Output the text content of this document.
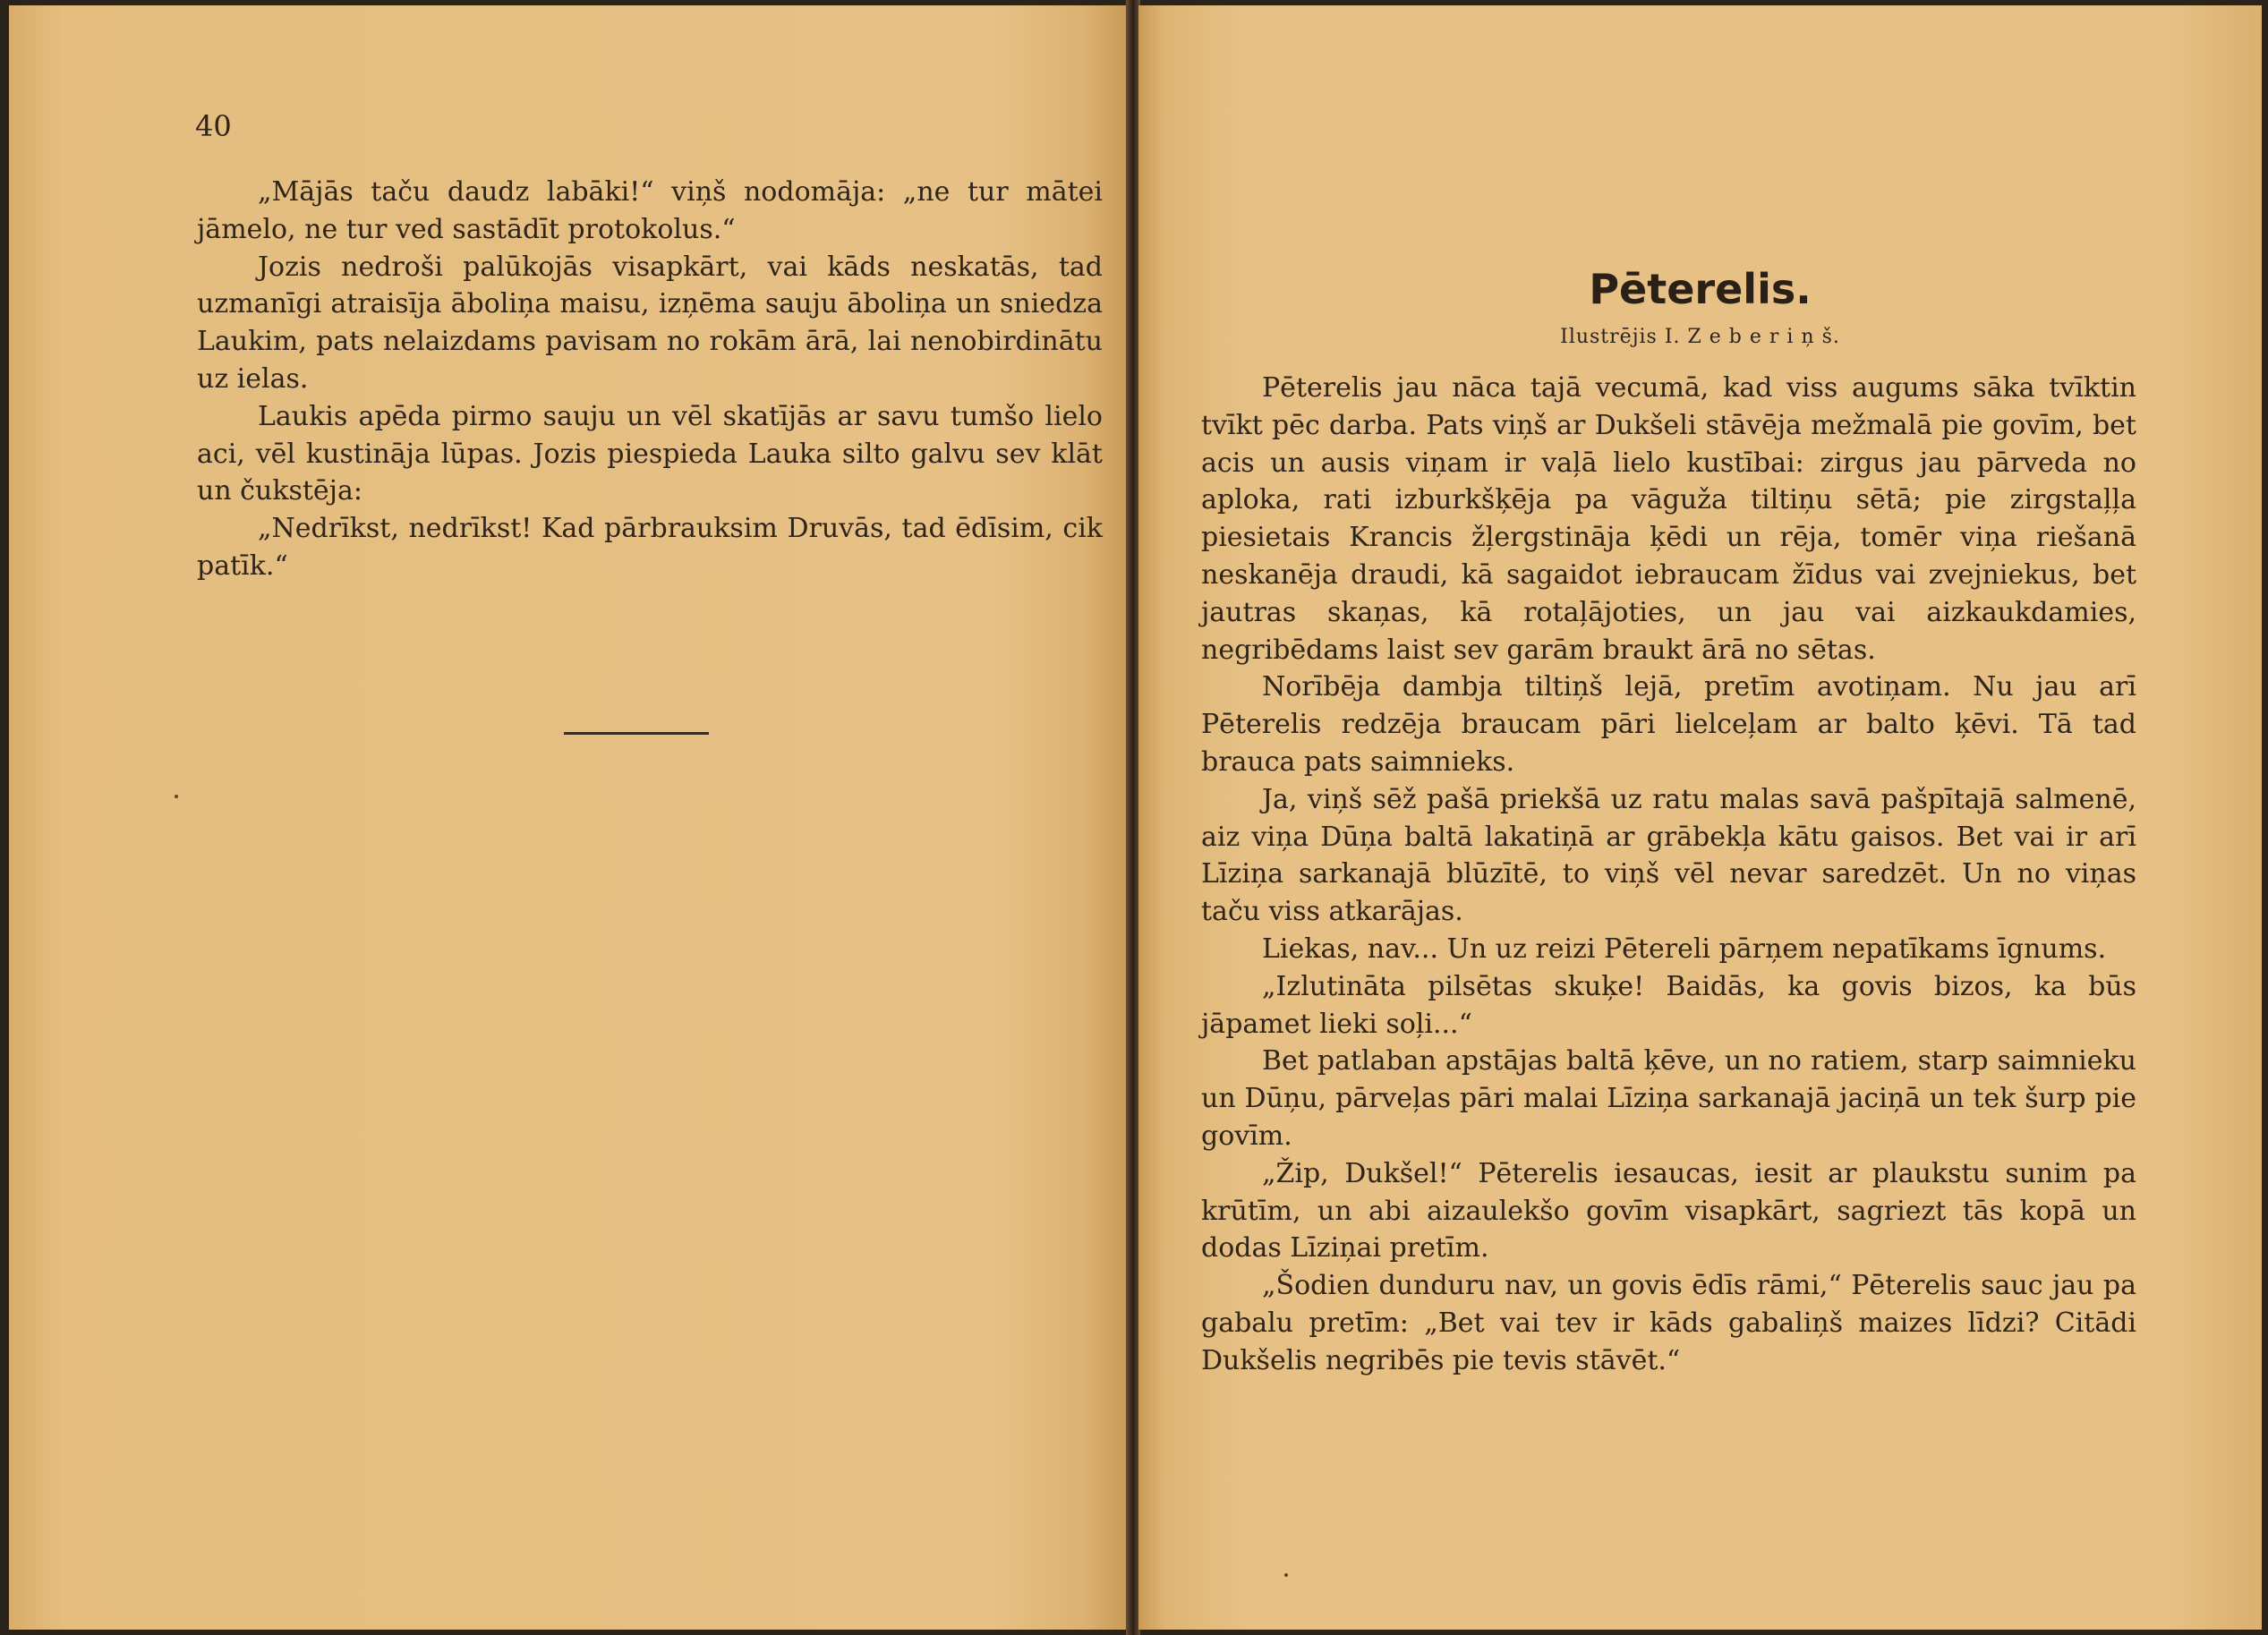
40

„Mājās taču daudz labāki!“ viņš nodomāja: „ne tur mātei jāmelo, ne tur ved sastādīt protokolus.“

Jozis nedroši palūkojās visapkārt, vai kāds neskatās, tad uzmanīgi atraisīja āboliņa maisu, izņēma sauju āboliņa un sniedza Laukim, pats nelaizdams pavisam no rokām ārā, lai nenobirdinātu uz ielas.

Laukis apēda pirmo sauju un vēl skatījās ar savu tumšo lielo aci, vēl kustināja lūpas. Jozis piespieda Lauka silto galvu sev klāt un čukstēja:

„Nedrīkst, nedrīkst! Kad pārbrauksim Druvās, tad ēdīsim, cik patīk.“

Pēterelis.
Ilustrējis I. Z e b e r i ņ š.

Pēterelis jau nāca tajā vecumā, kad viss augums sāka tvīktin tvīkt pēc darba. Pats viņš ar Dukšeli stāvēja mežmalā pie govīm, bet acis un ausis viņam ir vaļā lielo kustībai: zirgus jau pārveda no aploka, rati izburkšķēja pa vāguža tiltiņu sētā; pie zirgstaļļa piesietais Krancis žļergstināja ķēdi un rēja, tomēr viņa riešanā neskanēja draudi, kā sagaidot iebraucam žīdus vai zvejniekus, bet jautras skaņas, kā rotaļājoties, un jau vai aizkaukdamies, negribēdams laist sev garām braukt ārā no sētas.

Norībēja dambja tiltiņš lejā, pretīm avotiņam. Nu jau arī Pēterelis redzēja braucam pāri lielceļam ar balto ķēvi. Tā tad brauca pats saimnieks.

Ja, viņš sēž pašā priekšā uz ratu malas savā pašpītajā salmenē, aiz viņa Dūņa baltā lakatiņā ar grābekļa kātu gaisos. Bet vai ir arī Līziņa sarkanajā blūzītē, to viņš vēl nevar saredzēt. Un no viņas taču viss atkarājas.

Liekas, nav... Un uz reizi Pētereli pārņem nepatīkams īgnums.

„Izlutināta pilsētas skuķe! Baidās, ka govis bizos, ka būs jāpamet lieki soļi...“

Bet patlaban apstājas baltā ķēve, un no ratiem, starp saimnieku un Dūņu, pārveļas pāri malai Līziņa sarkanajā jaciņā un tek šurp pie govīm.

„Žip, Dukšel!“ Pēterelis iesaucas, iesit ar plaukstu sunim pa krūtīm, un abi aizaulekšo govīm visapkārt, sagriezt tās kopā un dodas Līziņai pretīm.

„Šodien dunduru nav, un govis ēdīs rāmi,“ Pēterelis sauc jau pa gabalu pretīm: „Bet vai tev ir kāds gabaliņš maizes līdzi? Citādi Dukšelis negribēs pie tevis stāvēt.“
